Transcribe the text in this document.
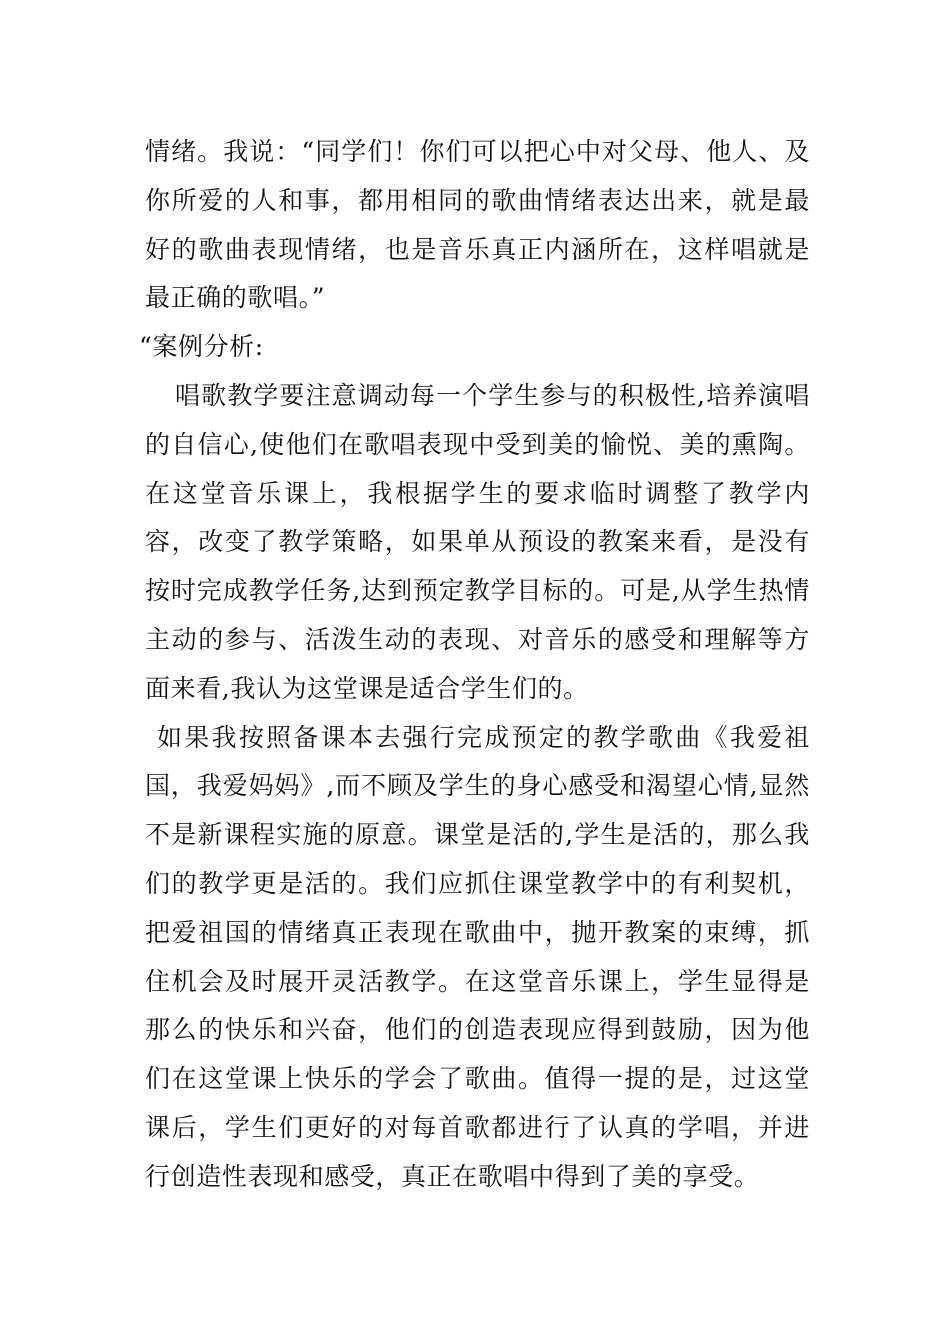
情绪。我说：“同学们！你们可以把心中对父母、他人、及你所爱的人和事，都用相同的歌曲情绪表达出来，就是最好的歌曲表现情绪，也是音乐真正内涵所在，这样唱就是最正确的歌唱。”

“案例分析:

唱歌教学要注意调动每一个学生参与的积极性,培养演唱的自信心,使他们在歌唱表现中受到美的愉悦、美的熏陶。在这堂音乐课上，我根据学生的要求临时调整了教学内容，改变了教学策略，如果单从预设的教案来看，是没有按时完成教学任务,达到预定教学目标的。可是,从学生热情主动的参与、活泼生动的表现、对音乐的感受和理解等方面来看,我认为这堂课是适合学生们的。

如果我按照备课本去强行完成预定的教学歌曲《我爱祖国，我爱妈妈》,而不顾及学生的身心感受和渴望心情,显然不是新课程实施的原意。课堂是活的,学生是活的，那么我们的教学更是活的。我们应抓住课堂教学中的有利契机，把爱祖国的情绪真正表现在歌曲中，抛开教案的束缚，抓住机会及时展开灵活教学。在这堂音乐课上，学生显得是那么的快乐和兴奋，他们的创造表现应得到鼓励，因为他们在这堂课上快乐的学会了歌曲。值得一提的是，过这堂课后，学生们更好的对每首歌都进行了认真的学唱，并进行创造性表现和感受，真正在歌唱中得到了美的享受。
